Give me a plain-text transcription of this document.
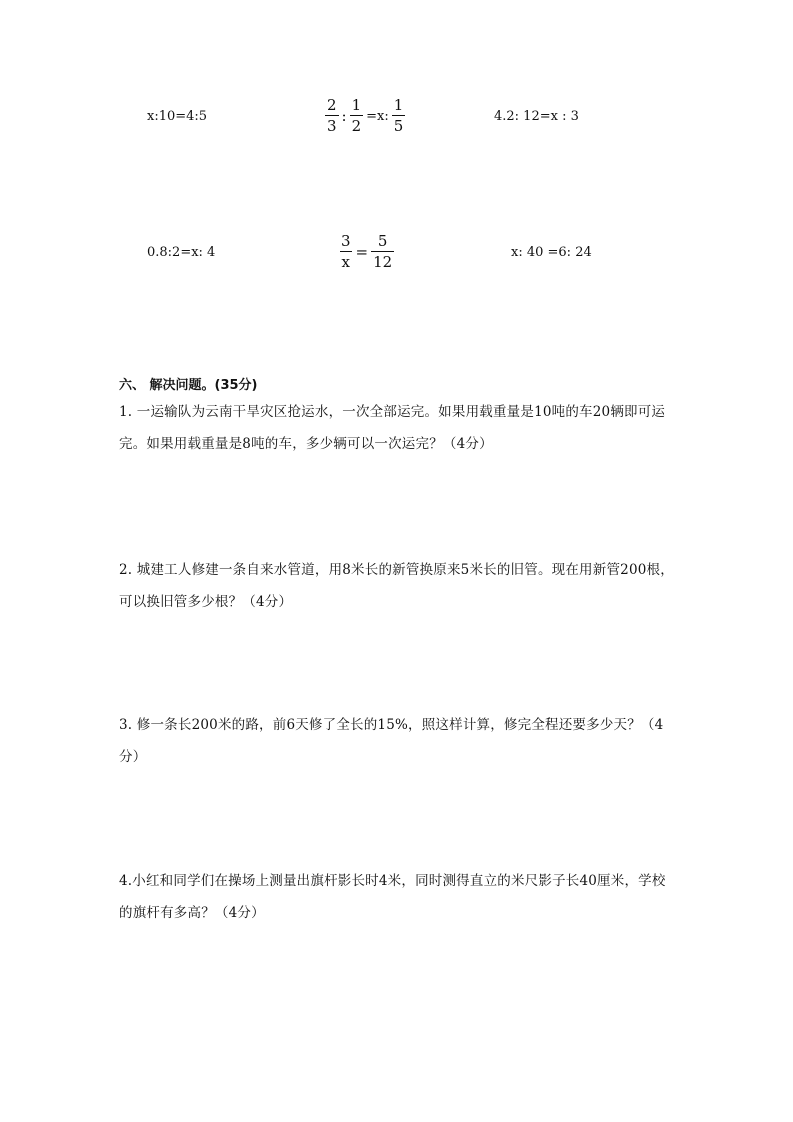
x:10=4:5	$\frac{2}{3}$ : $\frac{1}{2} =x$: $\frac{1}{5}$	4.2: 12=x : 3
0.8:2=x: 4	$\frac{3}{x} = \frac{5}{12}$	x: 40 =6: 24
六、 解决问题。(35分)
1. 一运输队为云南干旱灾区抢运水，一次全部运完。如果用载重量是10吨的车20辆即可运完。如果用载重量是8吨的车，多少辆可以一次运完？（4分）
2. 城建工人修建一条自来水管道，用8米长的新管换原来5米长的旧管。现在用新管200根，可以换旧管多少根？（4分）
3. 修一条长200米的路，前6天修了全长的15%，照这样计算，修完全程还要多少天？（4分）
4.小红和同学们在操场上测量出旗杆影长时4米，同时测得直立的米尺影子长40厘米，学校的旗杆有多高？（4分）
